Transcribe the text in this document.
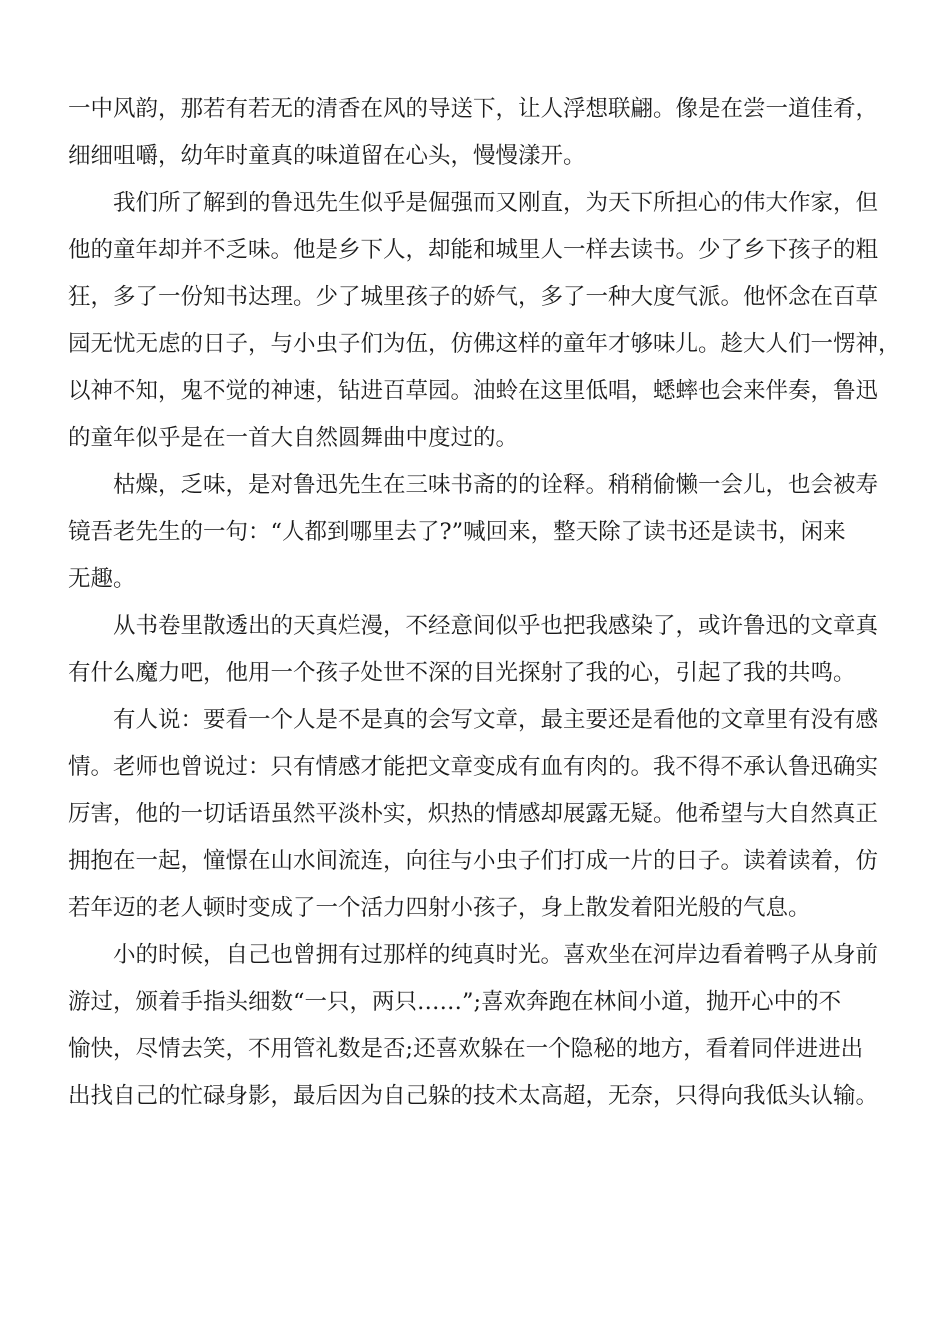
一中风韵，那若有若无的清香在风的导送下，让人浮想联翩。像是在尝一道佳肴，
细细咀嚼，幼年时童真的味道留在心头，慢慢漾开。
　　我们所了解到的鲁迅先生似乎是倔强而又刚直，为天下所担心的伟大作家，但
他的童年却并不乏味。他是乡下人，却能和城里人一样去读书。少了乡下孩子的粗
狂，多了一份知书达理。少了城里孩子的娇气，多了一种大度气派。他怀念在百草
园无忧无虑的日子，与小虫子们为伍，仿佛这样的童年才够味儿。趁大人们一愣神，
以神不知，鬼不觉的神速，钻进百草园。油蛉在这里低唱，蟋蟀也会来伴奏，鲁迅
的童年似乎是在一首大自然圆舞曲中度过的。
　　枯燥，乏味，是对鲁迅先生在三味书斋的的诠释。稍稍偷懒一会儿，也会被寿
镜吾老先生的一句：“人都到哪里去了?”喊回来，整天除了读书还是读书，闲来
无趣。
　　从书卷里散透出的天真烂漫，不经意间似乎也把我感染了，或许鲁迅的文章真
有什么魔力吧，他用一个孩子处世不深的目光探射了我的心，引起了我的共鸣。
　　有人说：要看一个人是不是真的会写文章，最主要还是看他的文章里有没有感
情。老师也曾说过：只有情感才能把文章变成有血有肉的。我不得不承认鲁迅确实
厉害，他的一切话语虽然平淡朴实，炽热的情感却展露无疑。他希望与大自然真正
拥抱在一起，憧憬在山水间流连，向往与小虫子们打成一片的日子。读着读着，仿
若年迈的老人顿时变成了一个活力四射小孩子，身上散发着阳光般的气息。
　　小的时候，自己也曾拥有过那样的纯真时光。喜欢坐在河岸边看着鸭子从身前
游过，颁着手指头细数“一只，两只……”;喜欢奔跑在林间小道，抛开心中的不
愉快，尽情去笑，不用管礼数是否;还喜欢躲在一个隐秘的地方，看着同伴进进出
出找自己的忙碌身影，最后因为自己躲的技术太高超，无奈，只得向我低头认输。
